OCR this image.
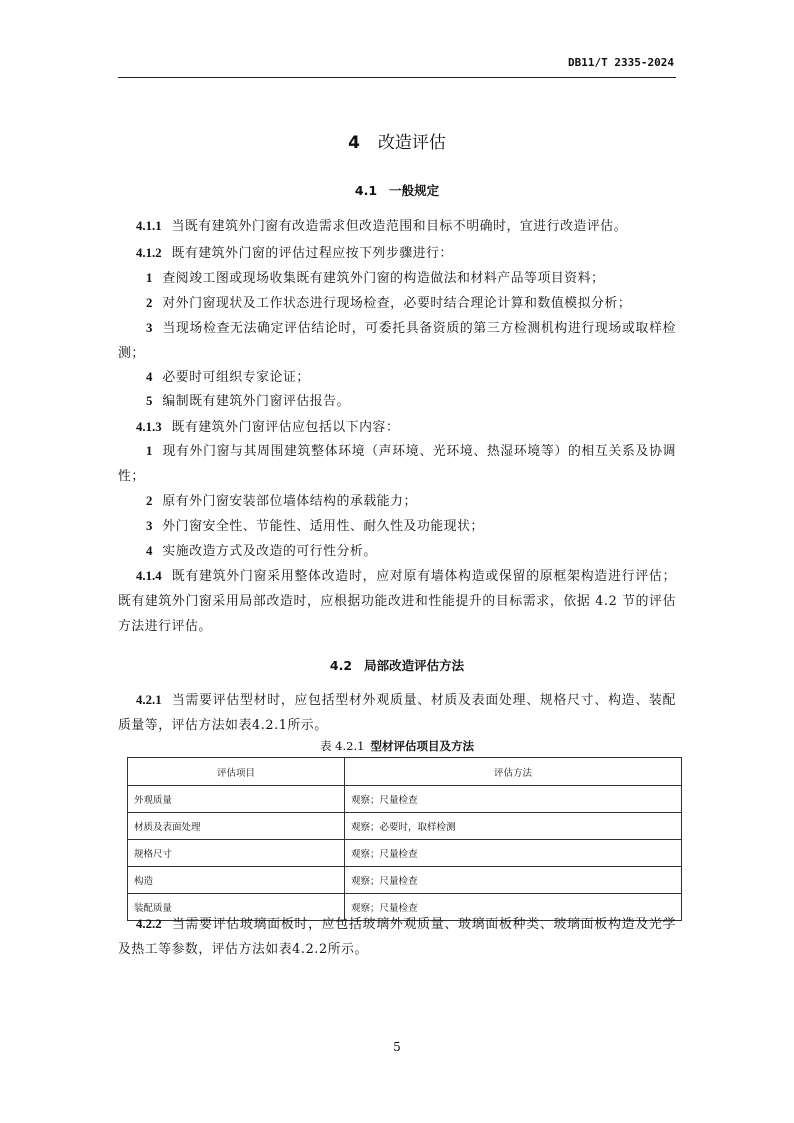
DB11/T 2335-2024
4 改造评估
4.1 一般规定
4.1.1 当既有建筑外门窗有改造需求但改造范围和目标不明确时，宜进行改造评估。
4.1.2 既有建筑外门窗的评估过程应按下列步骤进行：
1 查阅竣工图或现场收集既有建筑外门窗的构造做法和材料产品等项目资料；
2 对外门窗现状及工作状态进行现场检查，必要时结合理论计算和数值模拟分析；
3 当现场检查无法确定评估结论时，可委托具备资质的第三方检测机构进行现场或取样检测；
4 必要时可组织专家论证；
5 编制既有建筑外门窗评估报告。
4.1.3 既有建筑外门窗评估应包括以下内容：
1 现有外门窗与其周围建筑整体环境（声环境、光环境、热湿环境等）的相互关系及协调性；
2 原有外门窗安装部位墙体结构的承载能力；
3 外门窗安全性、节能性、适用性、耐久性及功能现状；
4 实施改造方式及改造的可行性分析。
4.1.4 既有建筑外门窗采用整体改造时，应对原有墙体构造或保留的原框架构造进行评估；既有建筑外门窗采用局部改造时，应根据功能改进和性能提升的目标需求，依据 4.2 节的评估方法进行评估。
4.2 局部改造评估方法
4.2.1 当需要评估型材时，应包括型材外观质量、材质及表面处理、规格尺寸、构造、装配质量等，评估方法如表4.2.1所示。
表 4.2.1 型材评估项目及方法
评估项目	评估方法
外观质量	观察；尺量检查
材质及表面处理	观察；必要时，取样检测
规格尺寸	观察；尺量检查
构造	观察；尺量检查
装配质量	观察；尺量检查
4.2.2 当需要评估玻璃面板时，应包括玻璃外观质量、玻璃面板种类、玻璃面板构造及光学及热工等参数，评估方法如表4.2.2所示。
5
